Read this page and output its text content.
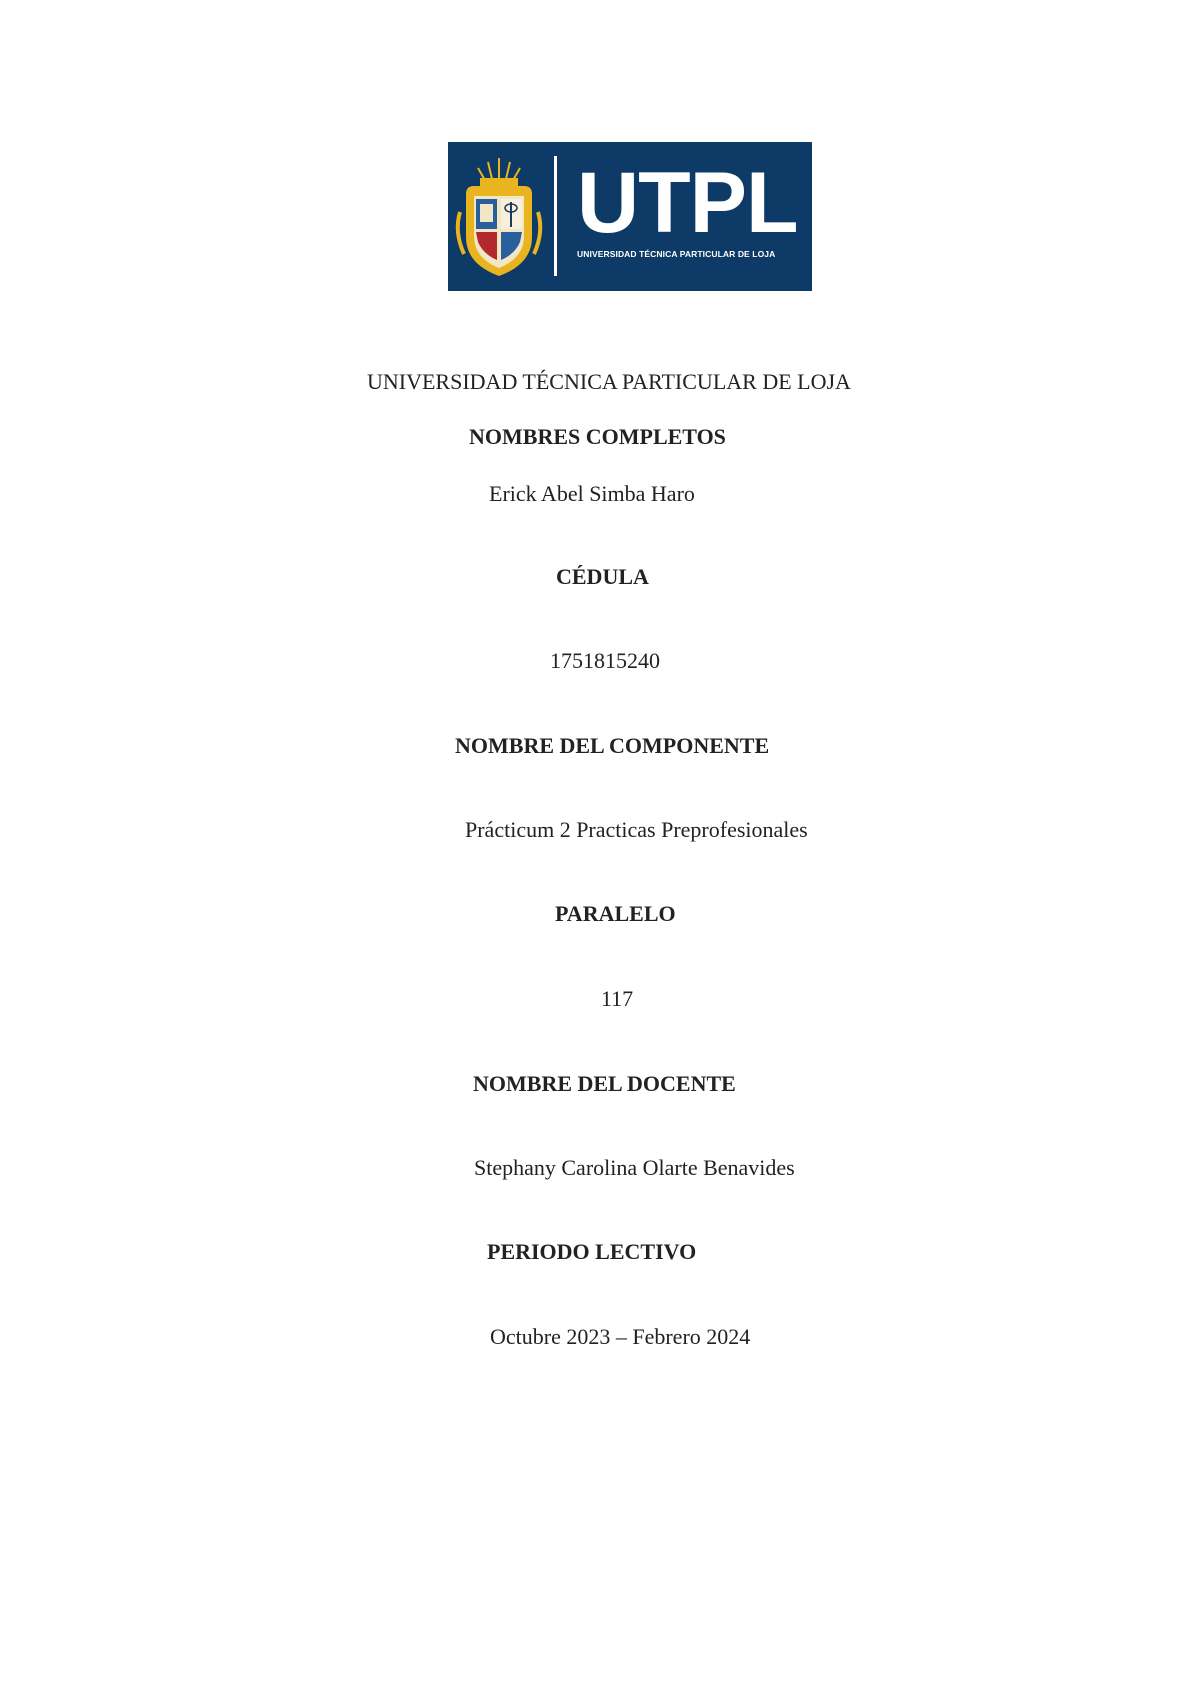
UTPL
UNIVERSIDAD TÉCNICA PARTICULAR DE LOJA
UNIVERSIDAD TÉCNICA PARTICULAR DE LOJA
NOMBRES COMPLETOS
Erick Abel Simba Haro
CÉDULA
1751815240
NOMBRE DEL COMPONENTE
Prácticum 2 Practicas Preprofesionales
PARALELO
117
NOMBRE DEL DOCENTE
Stephany Carolina Olarte Benavides
PERIODO LECTIVO
Octubre 2023 – Febrero 2024
